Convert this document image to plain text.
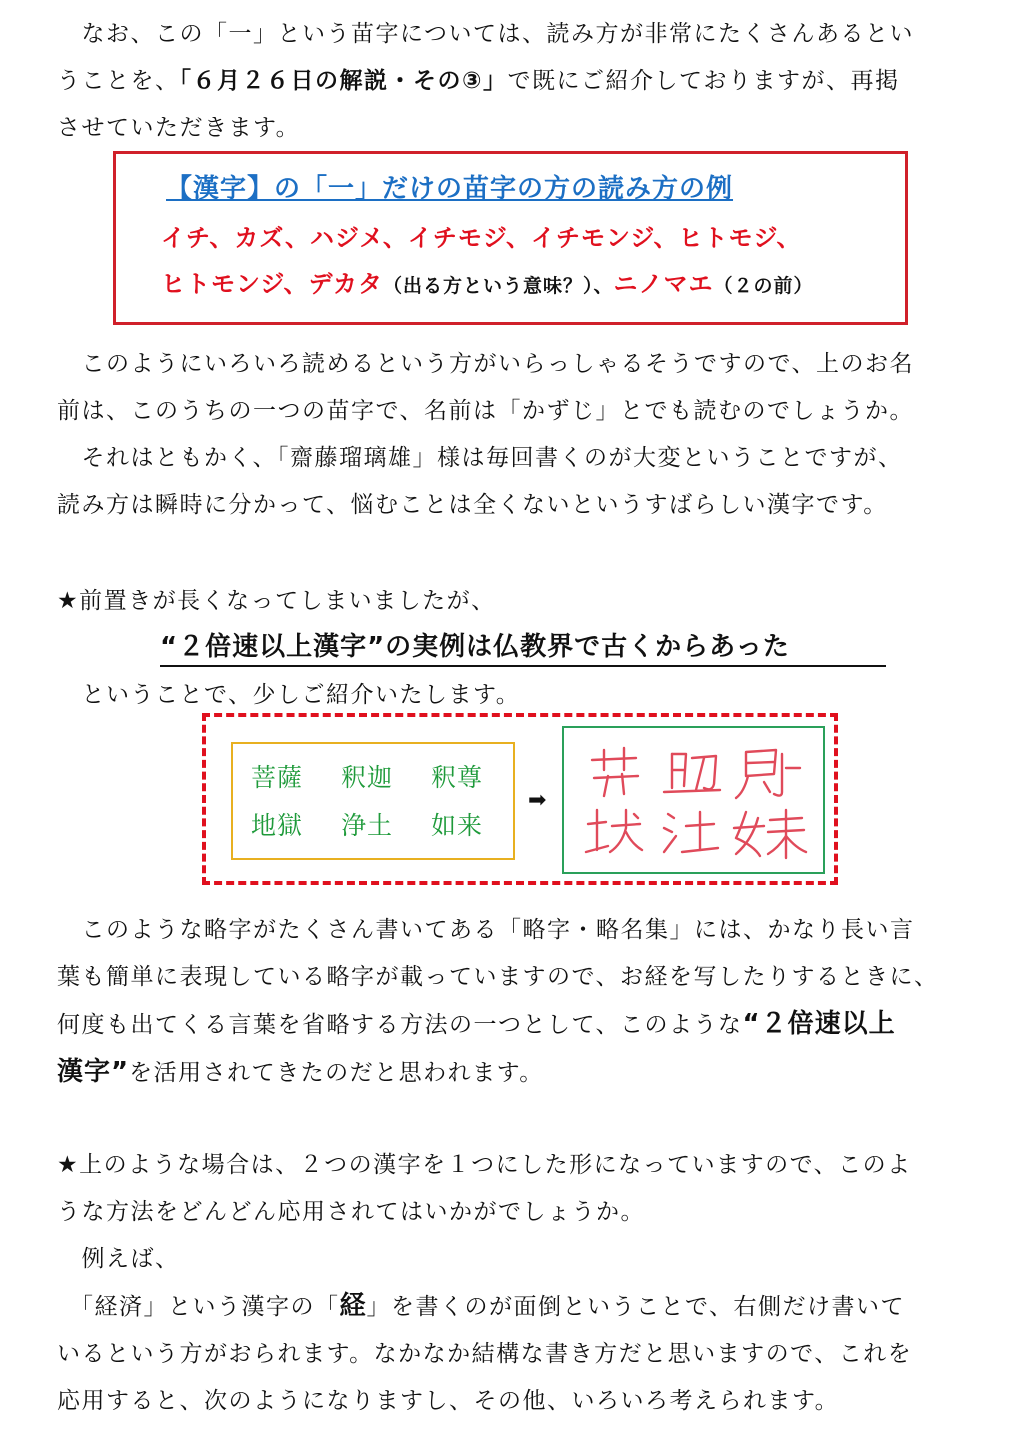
　なお、この「一」という苗字については、読み方が非常にたくさんあるとい
うことを、「６月２６日の解説・その③」で既にご紹介しておりますが、再掲
させていただきます。
【漢字】の「一」だけの苗字の方の読み方の例
イチ、カズ、ハジメ、イチモジ、イチモンジ、ヒトモジ、
ヒトモンジ、デカタ（出る方という意味？）、ニノマエ（２の前）
　このようにいろいろ読めるという方がいらっしゃるそうですので、上のお名
前は、このうちの一つの苗字で、名前は「かずじ」とでも読むのでしょうか。
　それはともかく、「齋藤瑠璃雄」様は毎回書くのが大変ということですが、
読み方は瞬時に分かって、悩むことは全くないというすばらしい漢字です。
★前置きが長くなってしまいましたが、
“２倍速以上漢字”の実例は仏教界で古くからあった
　ということで、少しご紹介いたします。
菩薩 釈迦 釈尊
地獄 浄土 如来
➡
　このような略字がたくさん書いてある「略字・略名集」には、かなり長い言
葉も簡単に表現している略字が載っていますので、お経を写したりするときに、
何度も出てくる言葉を省略する方法の一つとして、このような“２倍速以上
漢字”を活用されてきたのだと思われます。
★上のような場合は、２つの漢字を１つにした形になっていますので、このよ
うな方法をどんどん応用されてはいかがでしょうか。
　例えば、
　「経済」という漢字の「経」を書くのが面倒ということで、右側だけ書いて
いるという方がおられます。なかなか結構な書き方だと思いますので、これを
応用すると、次のようになりますし、その他、いろいろ考えられます。
